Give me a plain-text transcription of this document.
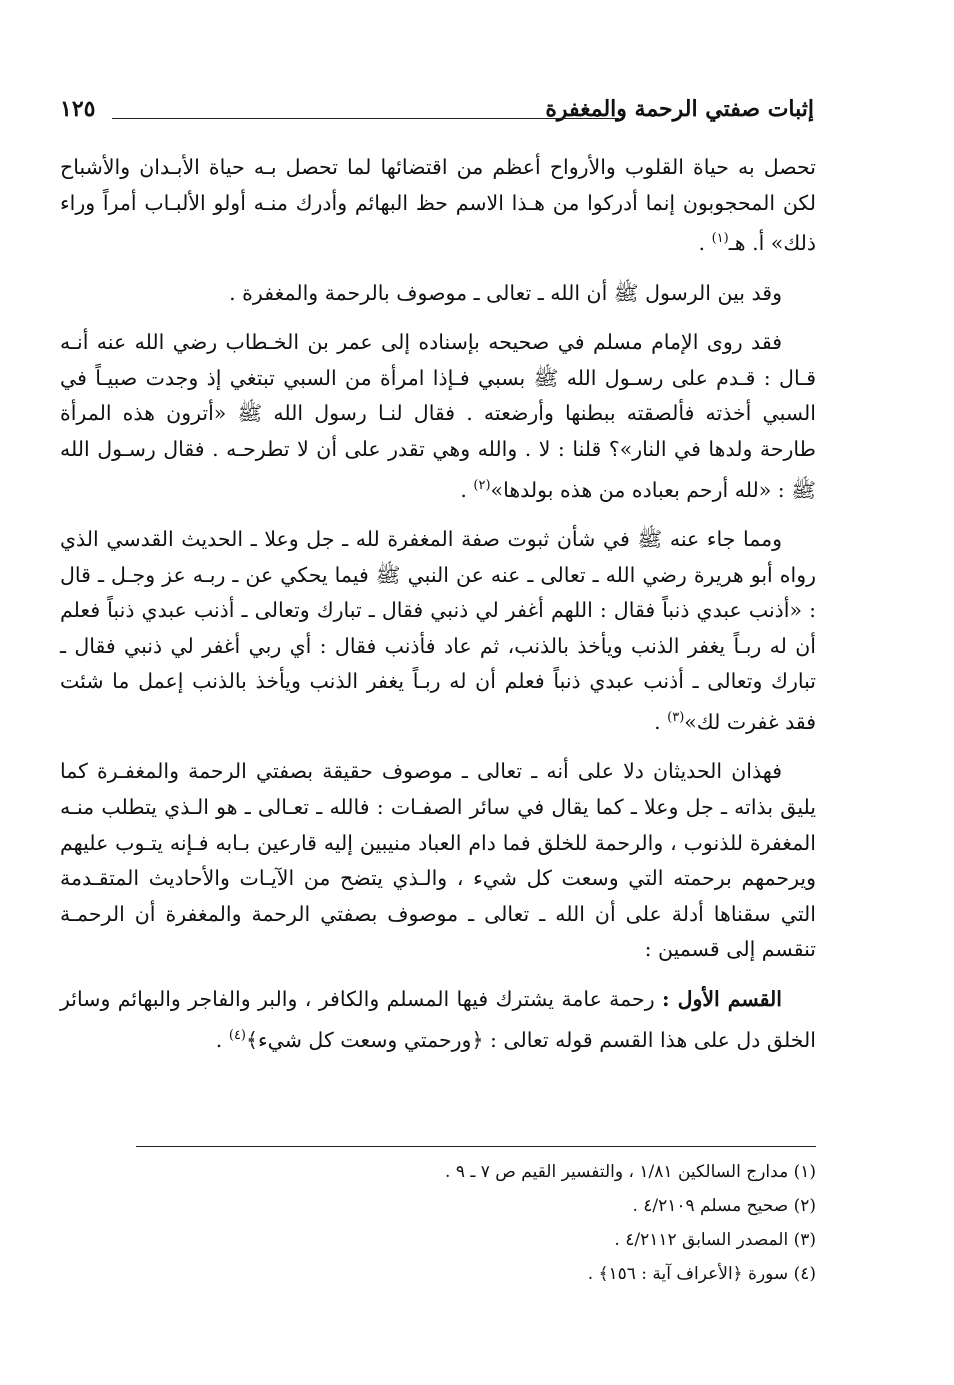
إثبات صفتي الرحمة والمغفرة
١٢٥

تحصل به حياة القلوب والأرواح أعظم من اقتضائها لما تحصل بـه حياة الأبـدان والأشباح لكن المحجوبون إنما أدركوا من هـذا الاسم حظ البهائم وأدرك منـه أولو الألبـاب أمراً وراء ذلك» أ. هـ$^{(١)}$ .

وقد بين الرسول ﷺ أن الله ـ تعالى ـ موصوف بالرحمة والمغفرة .

فقد روى الإمام مسلم في صحيحه بإسناده إلى عمر بن الخـطاب رضي الله عنه أنـه قـال : قـدم على رسـول الله ﷺ بسبي فـإذا امرأة من السبي تبتغي إذ وجدت صبيـاً في السبي أخذته فألصقته ببطنها وأرضعته . فقال لنـا رسول الله ﷺ «أترون هذه المرأة طارحة ولدها في النار»؟ قلنا : لا . والله وهي تقدر على أن لا تطرحـه . فقال رسـول الله ﷺ : «لله أرحم بعباده من هذه بولدها»$^{(٢)}$ .

ومما جاء عنه ﷺ في شأن ثبوت صفة المغفرة لله ـ جل وعلا ـ الحديث القدسي الذي رواه أبو هريرة رضي الله ـ تعالى ـ عنه عن النبي ﷺ فيما يحكي عن ـ ربـه عز وجـل ـ قال : «أذنب عبدي ذنباً فقال : اللهم أغفر لي ذنبي فقال ـ تبارك وتعالى ـ أذنب عبدي ذنباً فعلم أن له ربـاً يغفر الذنب ويأخذ بالذنب، ثم عاد فأذنب فقال : أي ربي أغفر لي ذنبي فقال ـ تبارك وتعالى ـ أذنب عبدي ذنباً فعلم أن له ربـاً يغفر الذنب ويأخذ بالذنب إعمل ما شئت فقد غفرت لك»$^{(٣)}$ .

فهذان الحديثان دلا على أنه ـ تعالى ـ موصوف حقيقة بصفتي الرحمة والمغفـرة كما يليق بذاته ـ جل وعلا ـ كما يقال في سائر الصفـات : فالله ـ تعـالى ـ هو الـذي يتطلب منـه المغفرة للذنوب ، والرحمة للخلق فما دام العباد منيبين إليه قارعين بـابه فـإنه يتـوب عليهم ويرحمهم برحمته التي وسعت كل شيء ، والـذي يتضح من الآيـات والأحاديث المتقـدمة التي سقناها أدلة على أن الله ـ تعالى ـ موصوف بصفتي الرحمة والمغفرة أن الرحمـة تنقسم إلى قسمين :

القسم الأول : رحمة عامة يشترك فيها المسلم والكافر ، والبر والفاجر والبهائم وسائر الخلق دل على هذا القسم قوله تعالى : ﴿ورحمتي وسعت كل شيء﴾$^{(٤)}$ .

(١) مدارج السالكين ١/٨١ ، والتفسير القيم ص ٧ ـ ٩ .

(٢) صحيح مسلم ٤/٢١٠٩ .

(٣) المصدر السابق ٤/٢١١٢ .

(٤) سورة ﴿الأعراف آية : ١٥٦﴾ .
